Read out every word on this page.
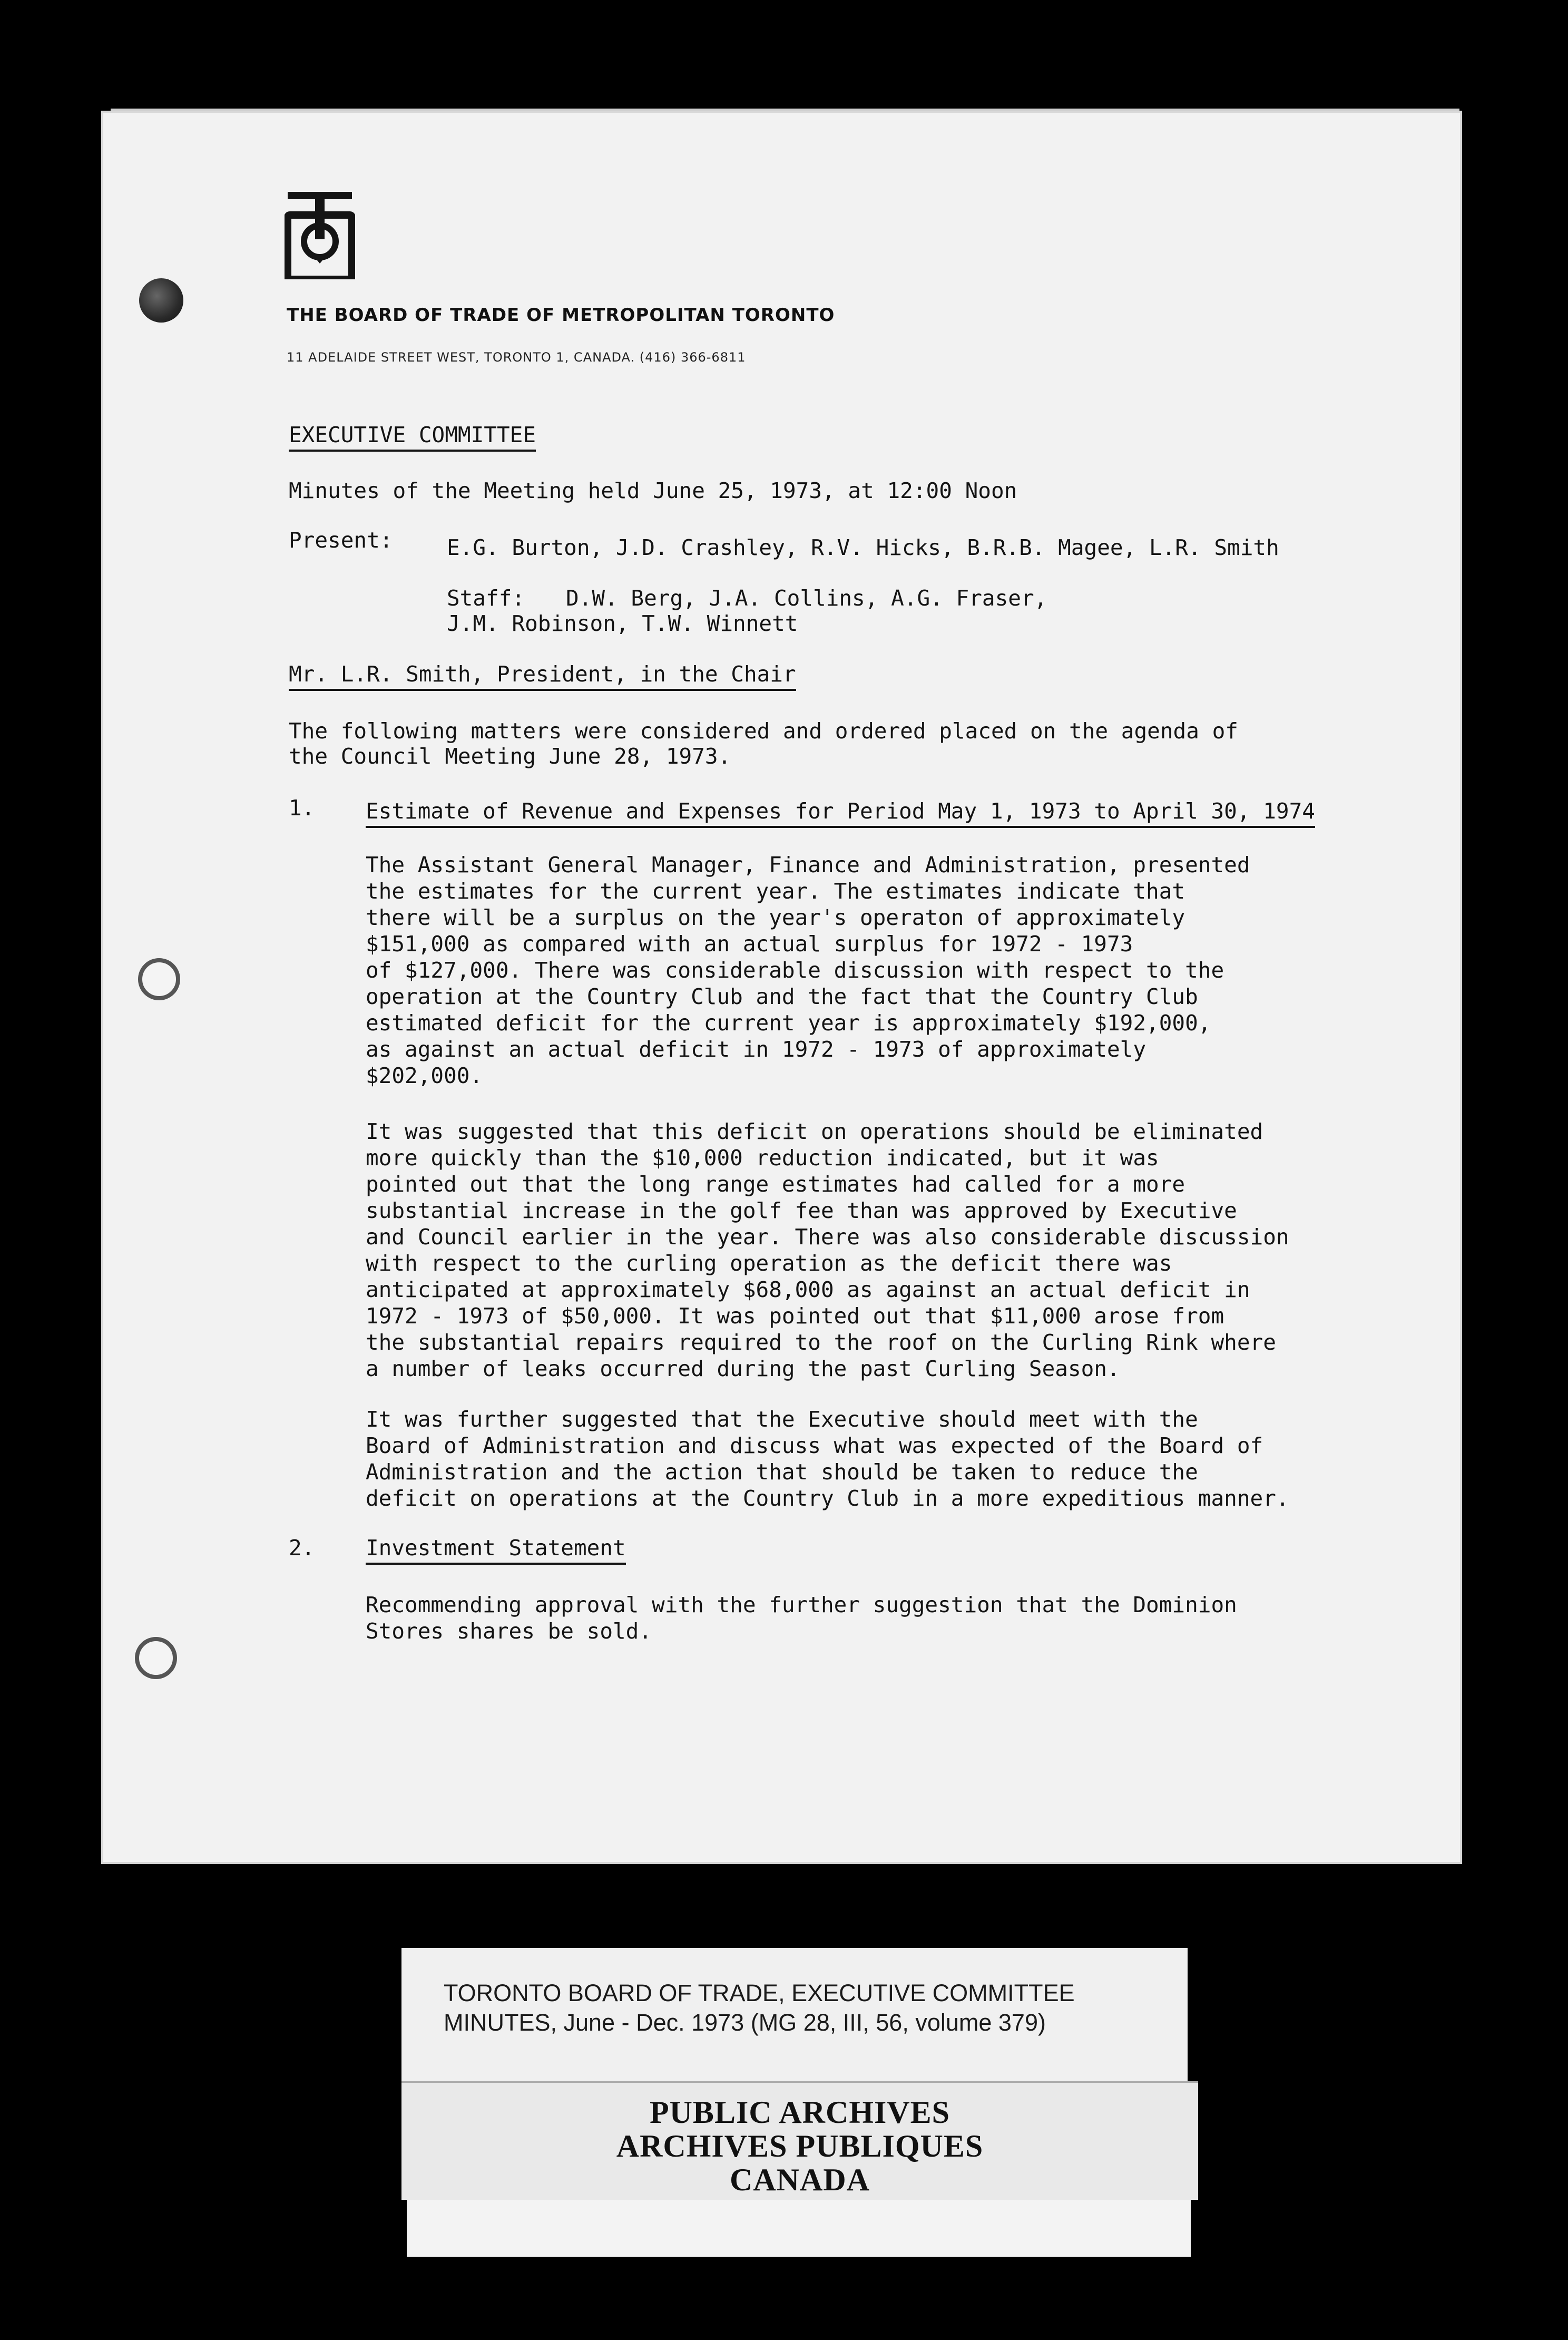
THE BOARD OF TRADE OF METROPOLITAN TORONTO
11 ADELAIDE STREET WEST, TORONTO 1, CANADA. (416) 366-6811
EXECUTIVE COMMITTEE
Minutes of the Meeting held June 25, 1973, at 12:00 Noon
Present:	E.G. Burton, J.D. Crashley, R.V. Hicks, B.R.B. Magee, L.R. Smith
Staff: D.W. Berg, J.A. Collins, A.G. Fraser,
J.M. Robinson, T.W. Winnett
Mr. L.R. Smith, President, in the Chair
The following matters were considered and ordered placed on the agenda of
the Council Meeting June 28, 1973.
1. Estimate of Revenue and Expenses for Period May 1, 1973 to April 30, 1974
The Assistant General Manager, Finance and Administration, presented
the estimates for the current year. The estimates indicate that
there will be a surplus on the year's operaton of approximately
$151,000 as compared with an actual surplus for 1972 - 1973
of $127,000. There was considerable discussion with respect to the
operation at the Country Club and the fact that the Country Club
estimated deficit for the current year is approximately $192,000,
as against an actual deficit in 1972 - 1973 of approximately
$202,000.
It was suggested that this deficit on operations should be eliminated
more quickly than the $10,000 reduction indicated, but it was
pointed out that the long range estimates had called for a more
substantial increase in the golf fee than was approved by Executive
and Council earlier in the year. There was also considerable discussion
with respect to the curling operation as the deficit there was
anticipated at approximately $68,000 as against an actual deficit in
1972 - 1973 of $50,000. It was pointed out that $11,000 arose from
the substantial repairs required to the roof on the Curling Rink where
a number of leaks occurred during the past Curling Season.
It was further suggested that the Executive should meet with the
Board of Administration and discuss what was expected of the Board of
Administration and the action that should be taken to reduce the
deficit on operations at the Country Club in a more expeditious manner.
2. Investment Statement
Recommending approval with the further suggestion that the Dominion
Stores shares be sold.
TORONTO BOARD OF TRADE, EXECUTIVE COMMITTEE
MINUTES, June - Dec. 1973 (MG 28, III, 56, volume 379)
PUBLIC ARCHIVES
ARCHIVES PUBLIQUES
CANADA
